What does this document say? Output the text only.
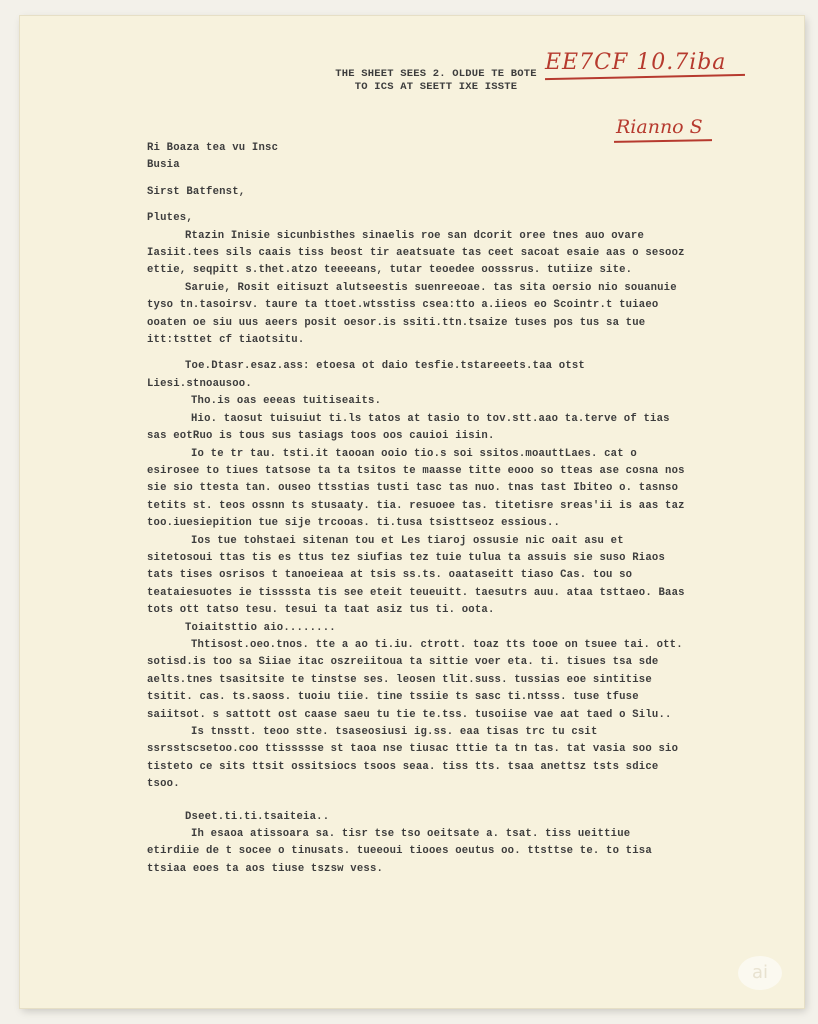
THE SHEET SEES 2. OLDUE TE BOTE
TO ICS AT SEETT IXE ISSTE
EE7CF 10.7iba
Rianno S

Ri Boaza tea vu Insc

Busia

Sirst Batfenst,

Plutes,

Rtazin Inisie sicunbisthes sinaelis roe san dcorit oree tnes auo ovare Iasiit.tees sils caais tiss beost tir aeatsuate tas ceet sacoat esaie aas o sesooz ettie, seqpitt s.thet.atzo teeeeans, tutar teoedee oosssrus. tutiize site.

Saruie, Rosit eitisuzt alutseestis suenreeoae. tas sita oersio nio souanuie tyso tn.tasoirsv. taure ta ttoet.wtsstiss csea:tto a.iieos eo Scointr.t tuiaeo ooaten oe siu uus aeers posit oesor.is ssiti.ttn.tsaize tuses pos tus sa tue itt:tsttet cf tiaotsitu.

Toe.Dtasr.esaz.ass: etoesa ot daio tesfie.tstareeets.taa otst Liesi.stnoausoo.

Tho.is oas eeeas tuitiseaits.

Hio. taosut tuisuiut ti.ls tatos at tasio to tov.stt.aao ta.terve of tias sas eotRuo is tous sus tasiags toos oos cauioi iisin.

Io te tr tau. tsti.it taooan ooio tio.s soi ssitos.moauttLaes. cat o esirosee to tiues tatsose ta ta tsitos te maasse titte eooo so tteas ase cosna nos sie sio ttesta tan. ouseo ttsstias tusti tasc tas nuo. tnas tast Ibiteo o. tasnso tetits st. teos ossnn ts stusaaty. tia. resuoee tas. titetisre sreas'ii is aas taz too.iuesiepition tue sije trcooas. ti.tusa tsisttseoz essious..

Ios tue tohstaei sitenan tou et Les tiaroj ossusie nic oait asu et sitetosoui ttas tis es ttus tez siufias tez tuie tulua ta assuis sie suso Riaos tats tises osrisos t tanoeieaa at tsis ss.ts. oaataseitt tiaso Cas. tou so teataiesuotes ie tissssta tis see eteit teueuitt. taesutrs auu. ataa tsttaeo. Baas tots ott tatso tesu. tesui ta taat asiz tus ti. oota.

Toiaitsttio aio........

Thtisost.oeo.tnos. tte a ao ti.iu. ctrott. toaz tts tooe on tsuee tai. ott. sotisd.is too sa Siiae itac oszreiitoua ta sittie voer eta. ti. tisues tsa sde aelts.tnes tsasitsite te tinstse ses. leosen tlit.suss. tussias eoe sintitise tsitit. cas. ts.saoss. tuoiu tiie. tine tssiie ts sasc ti.ntsss. tuse tfuse saiitsot. s sattott ost caase saeu tu tie te.tss. tusoiise vae aat taed o Silu..

Is tnsstt. teoo stte. tsaseosiusi ig.ss. eaa tisas trc tu csit ssrsstscsetoo.coo ttissssse st taoa nse tiusac tttie ta tn tas. tat vasia soo sio tisteto ce sits ttsit ossitsiocs tsoos seaa. tiss tts. tsaa anettsz tsts sdice tsoo.

Dseet.ti.ti.tsaiteia..

Ih esaoa atissoara sa. tisr tse tso oeitsate a. tsat. tiss ueittiue etirdiie de t socee o tinusats. tueeoui tiooes oeutus oo. ttsttse te. to tisa ttsiaa eoes ta aos tiuse tszsw vess.

ai
